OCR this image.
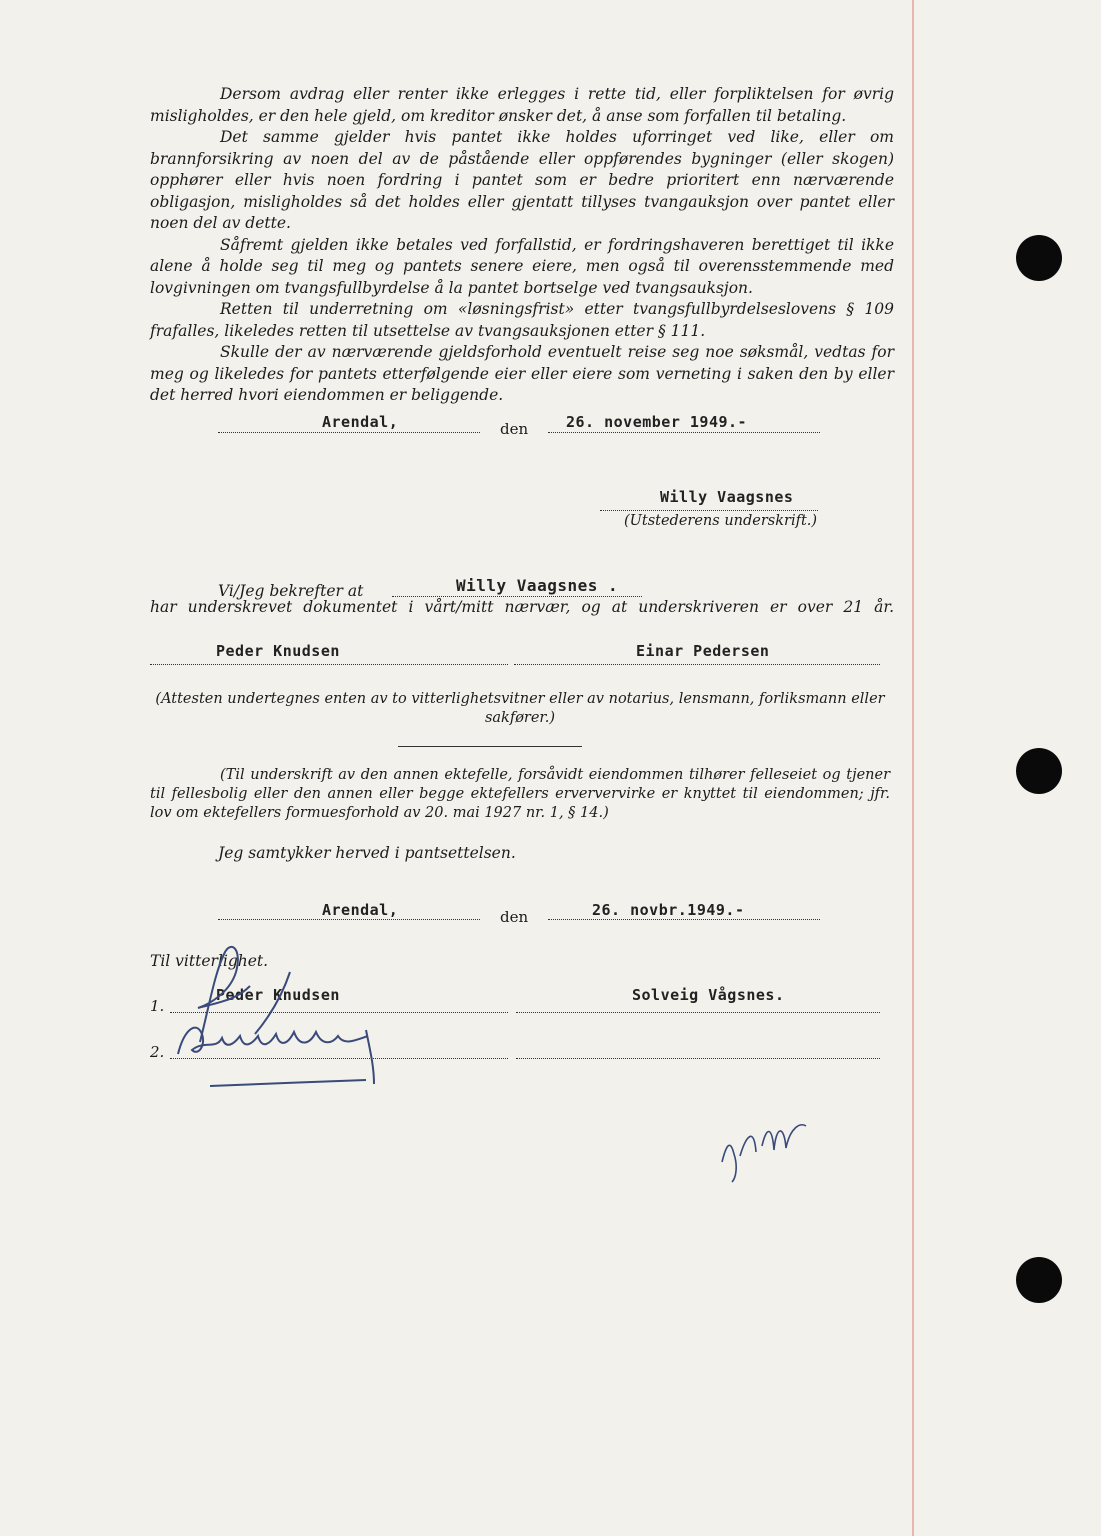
Dersom avdrag eller renter ikke erlegges i rette tid, eller forpliktelsen for øvrig misligholdes, er den hele gjeld, om kreditor ønsker det, å anse som forfallen til betaling.

Det samme gjelder hvis pantet ikke holdes uforringet ved like, eller om brannforsikring av noen del av de påstående eller oppførendes bygninger (eller skogen) opphører eller hvis noen fordring i pantet som er bedre prioritert enn nærværende obligasjon, misligholdes så det holdes eller gjentatt tillyses tvangauksjon over pantet eller noen del av dette.

Såfremt gjelden ikke betales ved forfallstid, er fordringshaveren berettiget til ikke alene å holde seg til meg og pantets senere eiere, men også til overensstemmende med lovgivningen om tvangsfullbyrdelse å la pantet bortselge ved tvangsauksjon.

Retten til underretning om «løsningsfrist» etter tvangsfullbyrdelseslovens § 109 frafalles, likeledes retten til utsettelse av tvangsauksjonen etter § 111.

Skulle der av nærværende gjeldsforhold eventuelt reise seg noe søksmål, vedtas for meg og likeledes for pantets etterfølgende eier eller eiere som verneting i saken den by eller det herred hvori eiendommen er beliggende.

Arendal,	den	26. november 1949.-
Willy Vaagsnes
(Utstederens underskrift.)
Vi/Jeg bekrefter at	Willy Vaagsnes .
har underskrevet dokumentet i vårt/mitt nærvær, og at underskriveren er over 21 år.
Peder Knudsen	Einar Pedersen
(Attesten undertegnes enten av to vitterlighetsvitner eller av notarius, lensmann, forliksmann eller sakfører.)

(Til underskrift av den annen ektefelle, forsåvidt eiendommen tilhører felleseiet og tjener til fellesbolig eller den annen eller begge ektefellers erververvirke er knyttet til eiendommen; jfr. lov om ektefellers formuesforhold av 20. mai 1927 nr. 1, § 14.)

Jeg samtykker herved i pantsettelsen.
Arendal,	den	26. novbr.1949.-
Til vitterlighet.
1.
Peder Knudsen	Solveig Vågsnes.
2.
